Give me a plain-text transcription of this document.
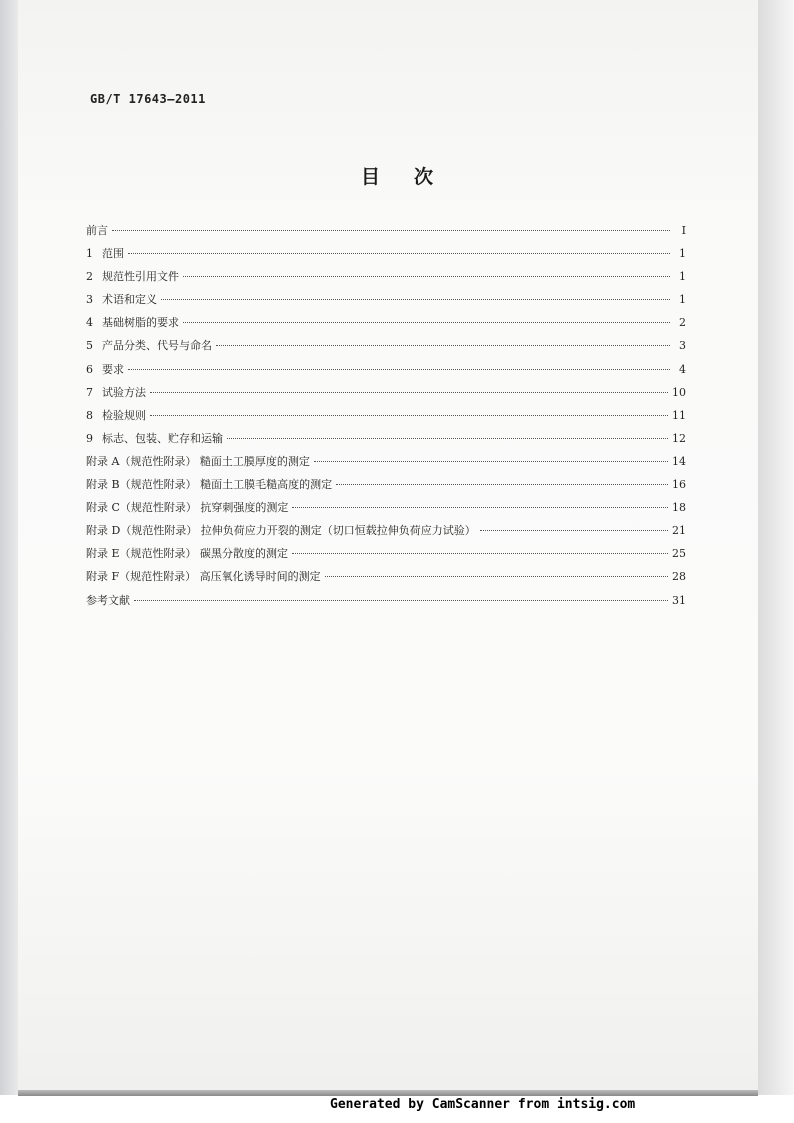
GB/T 17643—2011
目 次
前言	I
1 范围	1
2 规范性引用文件	1
3 术语和定义	1
4 基础树脂的要求	2
5 产品分类、代号与命名	3
6 要求	4
7 试验方法	10
8 检验规则	11
9 标志、包装、贮存和运输	12
附录 A（规范性附录） 糙面土工膜厚度的测定	14
附录 B（规范性附录） 糙面土工膜毛糙高度的测定	16
附录 C（规范性附录） 抗穿刺强度的测定	18
附录 D（规范性附录） 拉伸负荷应力开裂的测定（切口恒载拉伸负荷应力试验）	21
附录 E（规范性附录） 碳黑分散度的测定	25
附录 F（规范性附录） 高压氧化诱导时间的测定	28
参考文献	31
Generated by CamScanner from intsig.com
